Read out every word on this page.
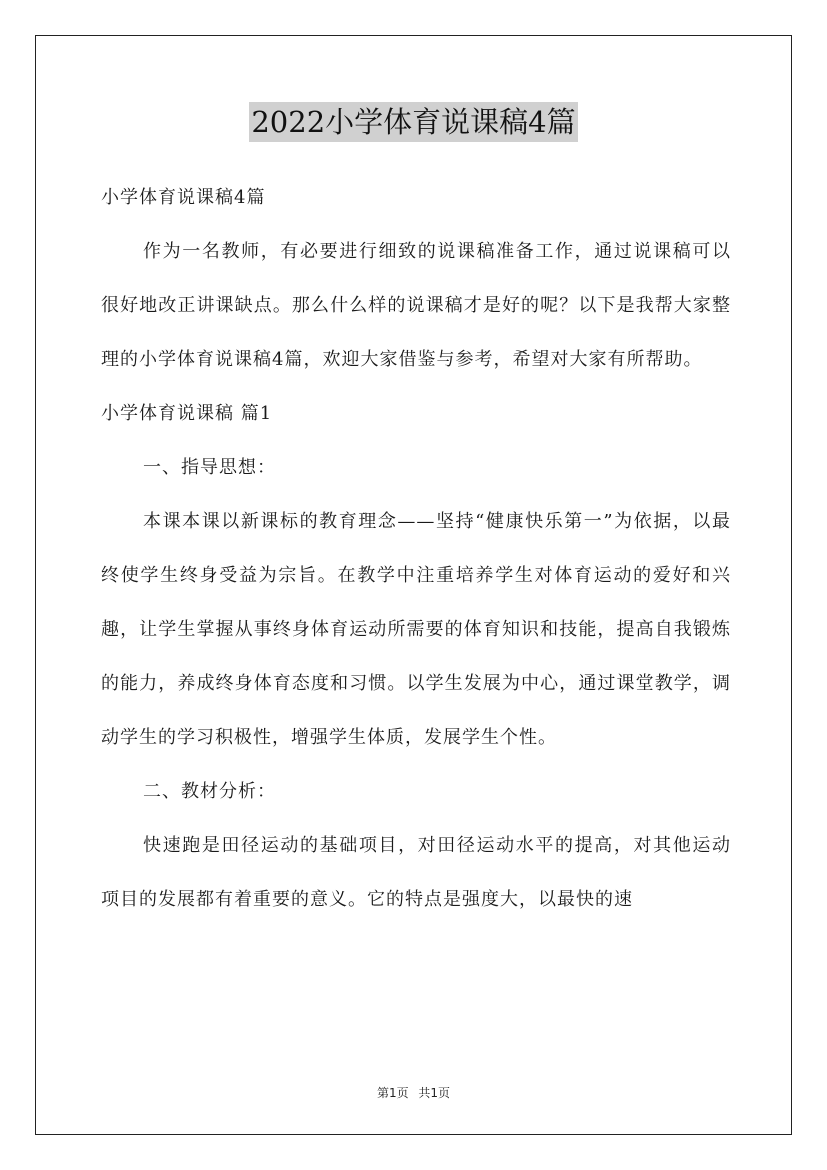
2022小学体育说课稿4篇

小学体育说课稿4篇

作为一名教师，有必要进行细致的说课稿准备工作，通过说课稿可以很好地改正讲课缺点。那么什么样的说课稿才是好的呢？以下是我帮大家整理的小学体育说课稿4篇，欢迎大家借鉴与参考，希望对大家有所帮助。

小学体育说课稿 篇1

一、指导思想：

本课本课以新课标的教育理念——坚持“健康快乐第一”为依据，以最终使学生终身受益为宗旨。在教学中注重培养学生对体育运动的爱好和兴趣，让学生掌握从事终身体育运动所需要的体育知识和技能，提高自我锻炼的能力，养成终身体育态度和习惯。以学生发展为中心，通过课堂教学，调动学生的学习积极性，增强学生体质，发展学生个性。

二、教材分析：

快速跑是田径运动的基础项目，对田径运动水平的提高，对其他运动项目的发展都有着重要的意义。它的特点是强度大，以最快的速

第1页 共1页
